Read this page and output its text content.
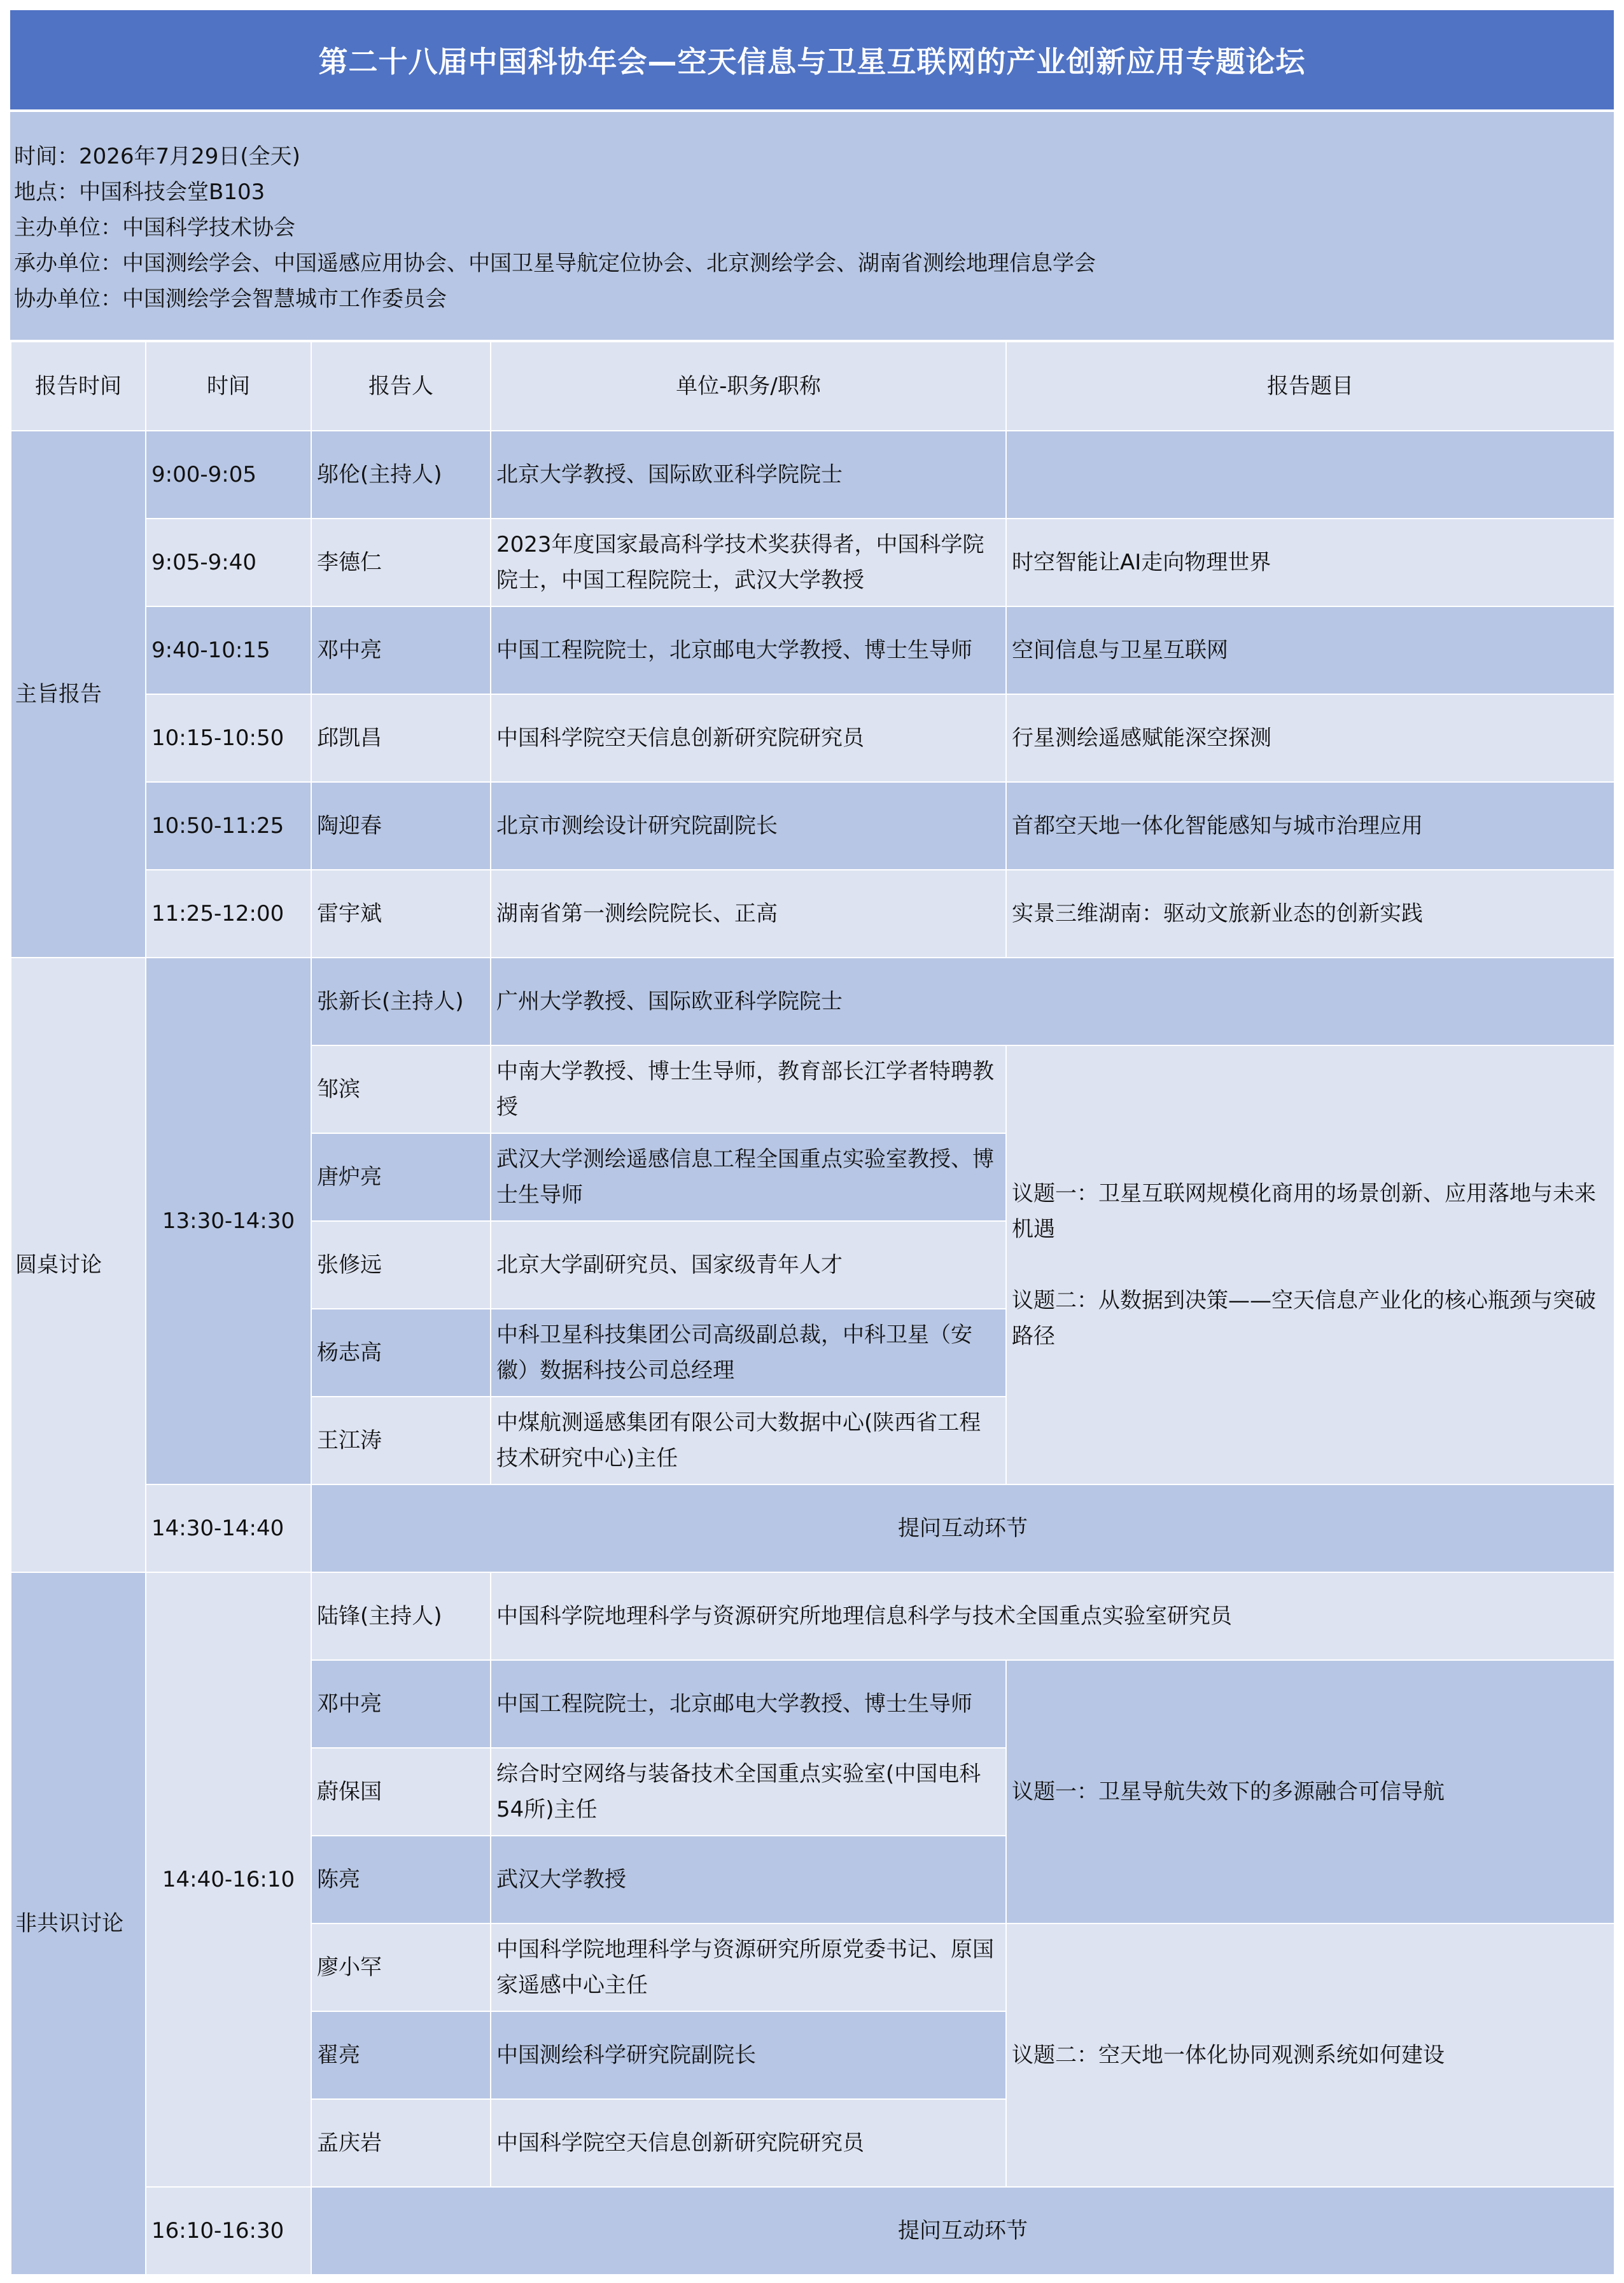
第二十八届中国科协年会—空天信息与卫星互联网的产业创新应用专题论坛
时间：2026年7月29日(全天)
地点：中国科技会堂B103
主办单位：中国科学技术协会
承办单位：中国测绘学会、中国遥感应用协会、中国卫星导航定位协会、北京测绘学会、湖南省测绘地理信息学会
协办单位：中国测绘学会智慧城市工作委员会
报告时间	时间	报告人	单位-职务/职称	报告题目
主旨报告	9:00-9:05	邬伦(主持人)	北京大学教授、国际欧亚科学院院士	
	9:05-9:40	李德仁	2023年度国家最高科学技术奖获得者，中国科学院院士，中国工程院院士，武汉大学教授	时空智能让AI走向物理世界
	9:40-10:15	邓中亮	中国工程院院士，北京邮电大学教授、博士生导师	空间信息与卫星互联网
	10:15-10:50	邱凯昌	中国科学院空天信息创新研究院研究员	行星测绘遥感赋能深空探测
	10:50-11:25	陶迎春	北京市测绘设计研究院副院长	首都空天地一体化智能感知与城市治理应用
	11:25-12:00	雷宇斌	湖南省第一测绘院院长、正高	实景三维湖南：驱动文旅新业态的创新实践
圆桌讨论	13:30-14:30	张新长(主持人)	广州大学教授、国际欧亚科学院院士	
		邹滨	中南大学教授、博士生导师，教育部长江学者特聘教授	议题一：卫星互联网规模化商用的场景创新、应用落地与未来机遇
议题二：从数据到决策——空天信息产业化的核心瓶颈与突破路径

		唐炉亮	武汉大学测绘遥感信息工程全国重点实验室教授、博士生导师	
		张修远	北京大学副研究员、国家级青年人才	
		杨志高	中科卫星科技集团公司高级副总裁，中科卫星（安徽）数据科技公司总经理	
		王江涛	中煤航测遥感集团有限公司大数据中心(陕西省工程技术研究中心)主任	
	14:30-14:40	提问互动环节		
非共识讨论	14:40-16:10	陆锋(主持人)	中国科学院地理科学与资源研究所地理信息科学与技术全国重点实验室研究员	
		邓中亮	中国工程院院士，北京邮电大学教授、博士生导师	议题一：卫星导航失效下的多源融合可信导航
		蔚保国	综合时空网络与装备技术全国重点实验室(中国电科54所)主任	
		陈亮	武汉大学教授	
		廖小罕	中国科学院地理科学与资源研究所原党委书记、原国家遥感中心主任	议题二：空天地一体化协同观测系统如何建设
		翟亮	中国测绘科学研究院副院长	
		孟庆岩	中国科学院空天信息创新研究院研究员	
	16:10-16:30	提问互动环节		
